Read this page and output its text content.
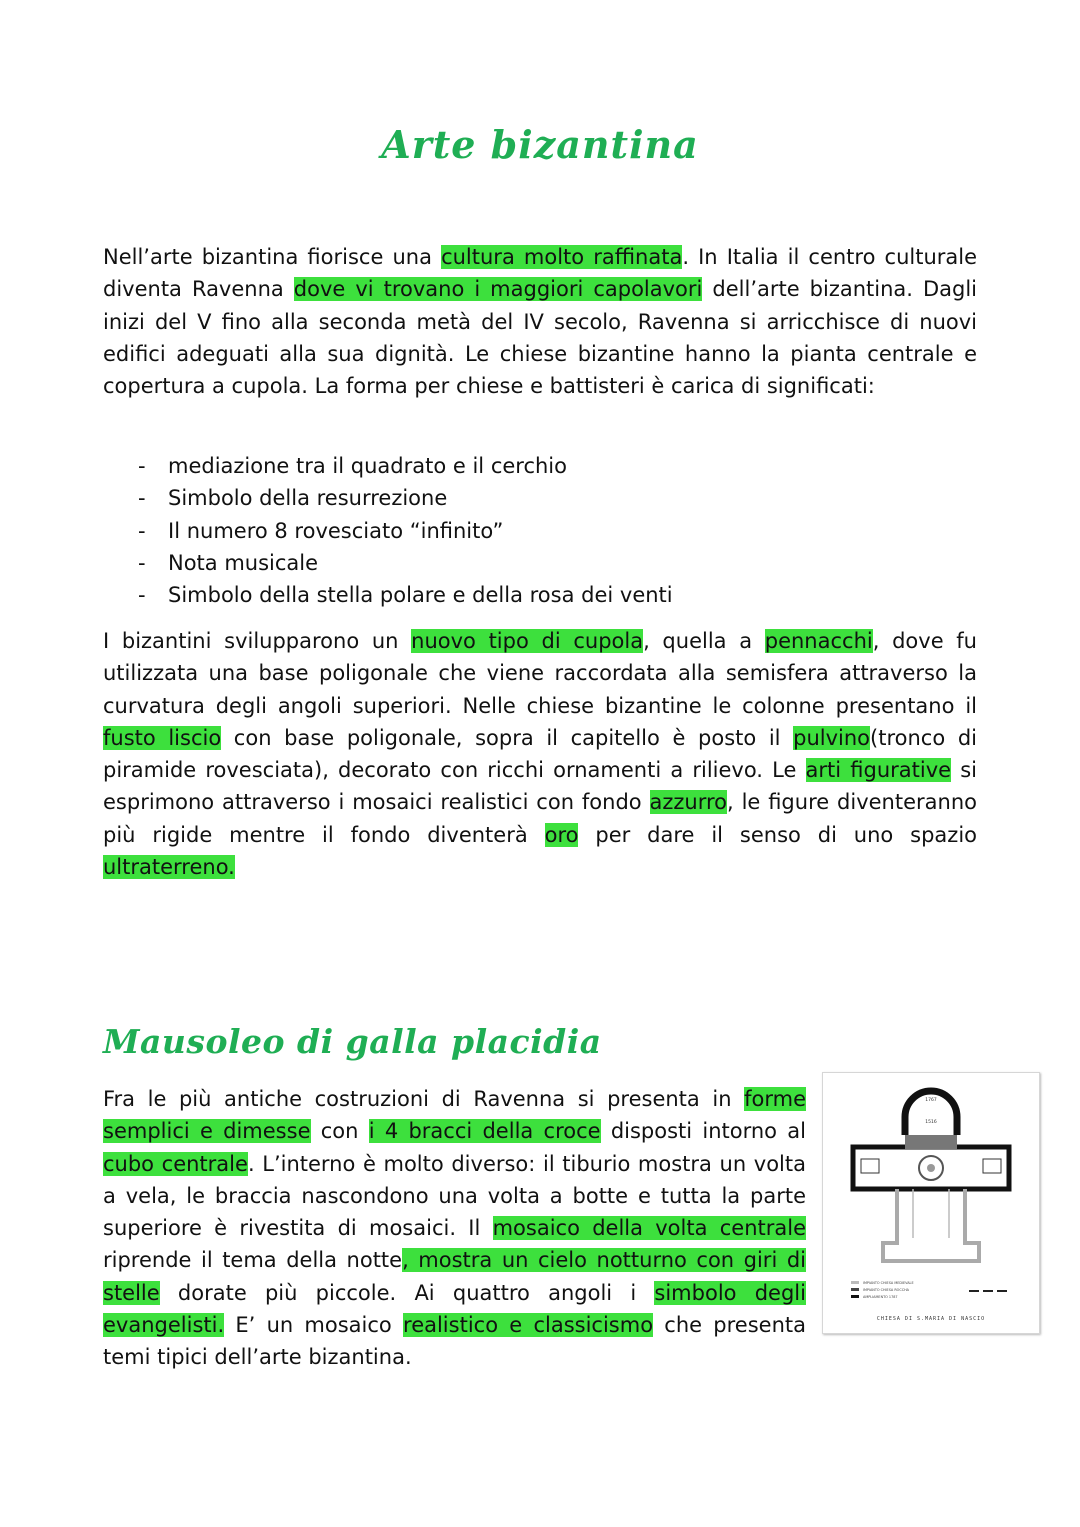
Arte bizantina

Nell’arte bizantina fiorisce una cultura molto raffinata. In Italia il centro culturale diventa Ravenna dove vi trovano i maggiori capolavori dell’arte bizantina. Dagli inizi del V fino alla seconda metà del IV secolo, Ravenna si arricchisce di nuovi edifici adeguati alla sua dignità. Le chiese bizantine hanno la pianta centrale e copertura a cupola. La forma per chiese e battisteri è carica di significati:

- mediazione tra il quadrato e il cerchio
- Simbolo della resurrezione
- Il numero 8 rovesciato “infinito”
- Nota musicale
- Simbolo della stella polare e della rosa dei venti

I bizantini svilupparono un nuovo tipo di cupola, quella a pennacchi, dove fu utilizzata una base poligonale che viene raccordata alla semisfera attraverso la curvatura degli angoli superiori. Nelle chiese bizantine le colonne presentano il fusto liscio con base poligonale, sopra il capitello è posto il pulvino(tronco di piramide rovesciata), decorato con ricchi ornamenti a rilievo. Le arti figurative si esprimono attraverso i mosaici realistici con fondo azzurro, le figure diventeranno più rigide mentre il fondo diventerà oro per dare il senso di uno spazio ultraterreno.

Mausoleo di galla placidia

Fra le più antiche costruzioni di Ravenna si presenta in forme semplici e dimesse con i 4 bracci della croce disposti intorno al cubo centrale. L’interno è molto diverso: il tiburio mostra un volta a vela, le braccia nascondono una volta a botte e tutta la parte superiore è rivestita di mosaici. Il mosaico della volta centrale riprende il tema della notte, mostra un cielo notturno con giri di stelle dorate più piccole. Ai quattro angoli i simbolo degli evangelisti. E’ un mosaico realistico e classicismo che presenta temi tipici dell’arte bizantina.

1767
1516
IMPIANTO CHIESA MEDIEVALE
IMPIANTO CHIESA ROCCHA
AMPLIAMENTO 1787
CHIESA DI S.MARIA DI NASCIO
